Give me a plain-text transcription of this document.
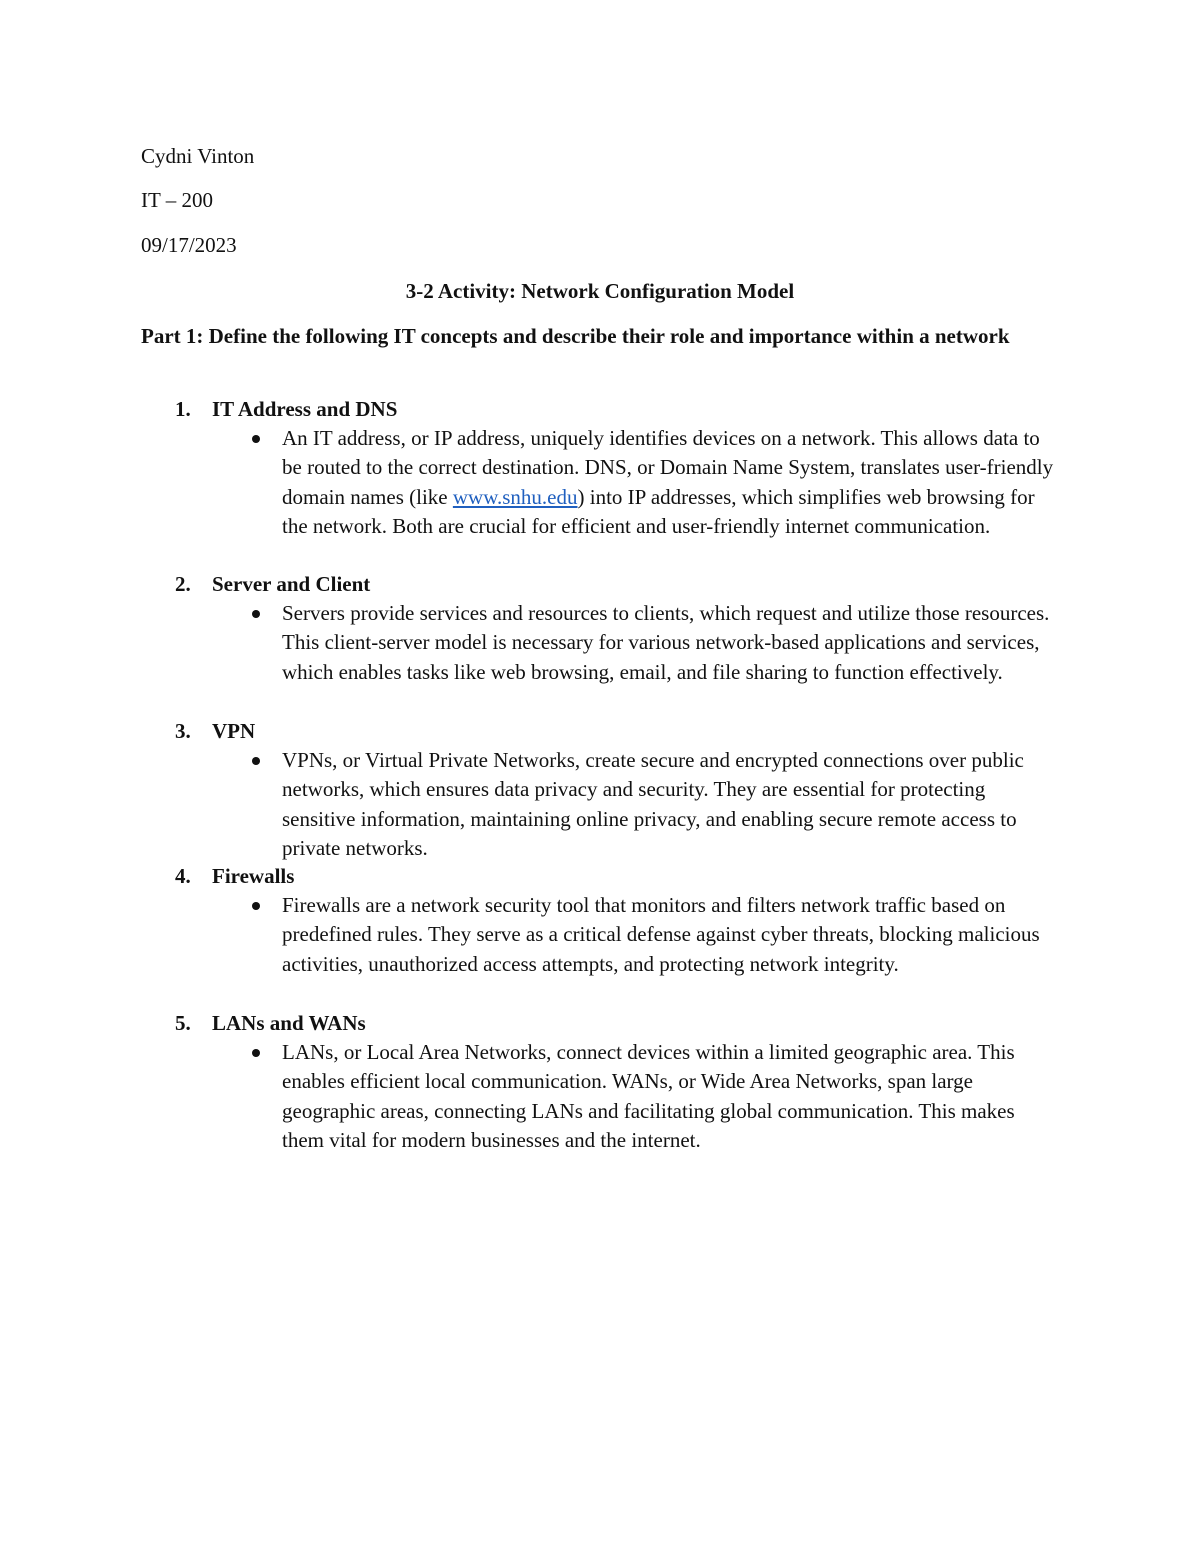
Cydni Vinton
IT – 200
09/17/2023
3-2 Activity: Network Configuration Model
Part 1: Define the following IT concepts and describe their role and importance within a network
1. IT Address and DNS
An IT address, or IP address, uniquely identifies devices on a network. This allows data to be routed to the correct destination. DNS, or Domain Name System, translates user-friendly domain names (like www.snhu.edu) into IP addresses, which simplifies web browsing for the network. Both are crucial for efficient and user-friendly internet communication.
2. Server and Client
Servers provide services and resources to clients, which request and utilize those resources. This client-server model is necessary for various network-based applications and services, which enables tasks like web browsing, email, and file sharing to function effectively.
3. VPN
VPNs, or Virtual Private Networks, create secure and encrypted connections over public networks, which ensures data privacy and security. They are essential for protecting sensitive information, maintaining online privacy, and enabling secure remote access to private networks.
4. Firewalls
Firewalls are a network security tool that monitors and filters network traffic based on predefined rules. They serve as a critical defense against cyber threats, blocking malicious activities, unauthorized access attempts, and protecting network integrity.
5. LANs and WANs
LANs, or Local Area Networks, connect devices within a limited geographic area. This enables efficient local communication. WANs, or Wide Area Networks, span large geographic areas, connecting LANs and facilitating global communication. This makes them vital for modern businesses and the internet.
